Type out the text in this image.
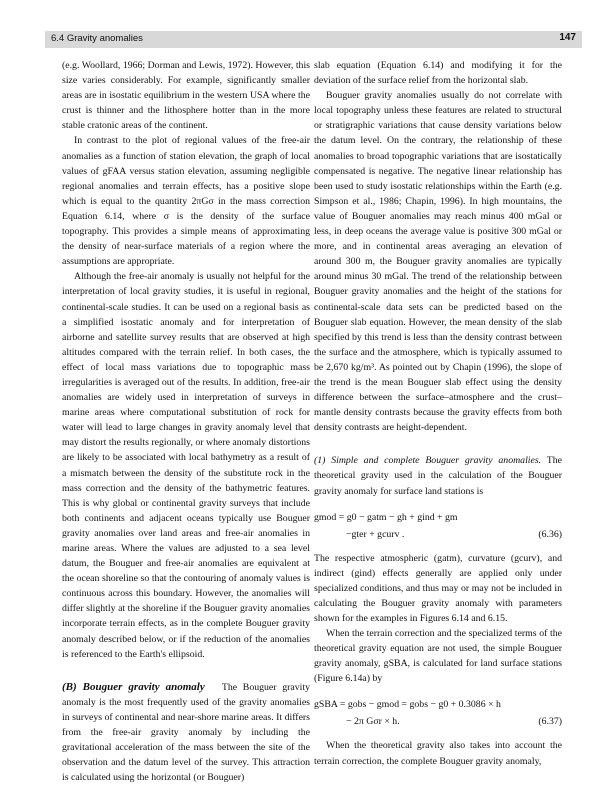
6.4 Gravity anomalies	147

(e.g. Woollard, 1966; Dorman and Lewis, 1972). However, this size varies considerably. For example, significantly smaller areas are in isostatic equilibrium in the western USA where the crust is thinner and the lithosphere hotter than in the more stable cratonic areas of the continent.

In contrast to the plot of regional values of the free-air anomalies as a function of station elevation, the graph of local values of gFAA versus station elevation, assuming negligible regional anomalies and terrain effects, has a positive slope which is equal to the quantity 2πGσ in the mass correction Equation 6.14, where σ is the density of the surface topography. This provides a simple means of approximating the density of near-surface materials of a region where the assumptions are appropriate.

Although the free-air anomaly is usually not helpful for the interpretation of local gravity studies, it is useful in regional, continental-scale studies. It can be used on a regional basis as a simplified isostatic anomaly and for interpretation of airborne and satellite survey results that are observed at high altitudes compared with the terrain relief. In both cases, the effect of local mass variations due to topographic mass irregularities is averaged out of the results. In addition, free-air anomalies are widely used in interpretation of surveys in marine areas where computational substitution of rock for water will lead to large changes in gravity anomaly level that may distort the results regionally, or where anomaly distortions are likely to be associated with local bathymetry as a result of a mismatch between the density of the substitute rock in the mass correction and the density of the bathymetric features. This is why global or continental gravity surveys that include both continents and adjacent oceans typically use Bouguer gravity anomalies over land areas and free-air anomalies in marine areas. Where the values are adjusted to a sea level datum, the Bouguer and free-air anomalies are equivalent at the ocean shoreline so that the contouring of anomaly values is continuous across this boundary. However, the anomalies will differ slightly at the shoreline if the Bouguer gravity anomalies incorporate terrain effects, as in the complete Bouguer gravity anomaly described below, or if the reduction of the anomalies is referenced to the Earth's ellipsoid.

(B) Bouguer gravity anomaly The Bouguer gravity anomaly is the most frequently used of the gravity anomalies in surveys of continental and near-shore marine areas. It differs from the free-air gravity anomaly by including the gravitational acceleration of the mass between the site of the observation and the datum level of the survey. This attraction is calculated using the horizontal (or Bouguer)

slab equation (Equation 6.14) and modifying it for the deviation of the surface relief from the horizontal slab.

Bouguer gravity anomalies usually do not correlate with local topography unless these features are related to structural or stratigraphic variations that cause density variations below the datum level. On the contrary, the relationship of these anomalies to broad topographic variations that are isostatically compensated is negative. The negative linear relationship has been used to study isostatic relationships within the Earth (e.g. Simpson et al., 1986; Chapin, 1996). In high mountains, the value of Bouguer anomalies may reach minus 400 mGal or less, in deep oceans the average value is positive 300 mGal or more, and in continental areas averaging an elevation of around 300 m, the Bouguer gravity anomalies are typically around minus 30 mGal. The trend of the relationship between Bouguer gravity anomalies and the height of the stations for continental-scale data sets can be predicted based on the Bouguer slab equation. However, the mean density of the slab specified by this trend is less than the density contrast between the surface and the atmosphere, which is typically assumed to be 2,670 kg/m³. As pointed out by Chapin (1996), the slope of the trend is the mean Bouguer slab effect using the density difference between the surface–atmosphere and the crust–mantle density contrasts because the gravity effects from both density contrasts are height-dependent.

(1) Simple and complete Bouguer gravity anomalies. The theoretical gravity used in the calculation of the Bouguer gravity anomaly for surface land stations is

gmod = g0 − gatm − gh + gind + gm
−gter + gcurv .	(6.36)

The respective atmospheric (gatm), curvature (gcurv), and indirect (gind) effects generally are applied only under specialized conditions, and thus may or may not be included in calculating the Bouguer gravity anomaly with parameters shown for the examples in Figures 6.14 and 6.15.

When the terrain correction and the specialized terms of the theoretical gravity equation are not used, the simple Bouguer gravity anomaly, gSBA, is calculated for land surface stations (Figure 6.14a) by

gSBA = gobs − gmod = gobs − g0 + 0.3086 × h
− 2π Gσr × h.	(6.37)

When the theoretical gravity also takes into account the terrain correction, the complete Bouguer gravity anomaly,
